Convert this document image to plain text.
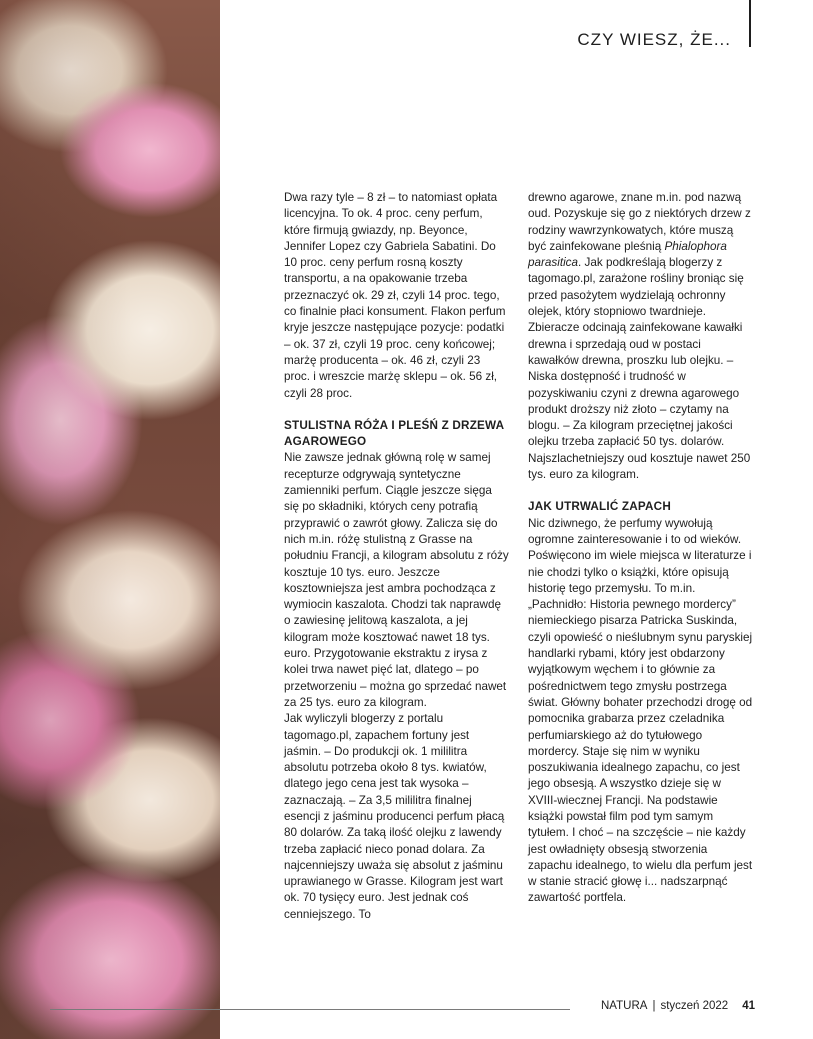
CZY WIESZ, ŻE...

Dwa razy tyle – 8 zł – to natomiast opłata licencyjna. To ok. 4 proc. ceny perfum, które firmują gwiazdy, np. Beyonce, Jennifer Lopez czy Gabriela Sabatini. Do 10 proc. ceny perfum rosną koszty transportu, a na opakowanie trzeba przeznaczyć ok. 29 zł, czyli 14 proc. tego, co finalnie płaci konsument. Flakon perfum kryje jeszcze następujące pozycje: podatki – ok. 37 zł, czyli 19 proc. ceny końcowej; marżę producenta – ok. 46 zł, czyli 23 proc. i wreszcie marżę sklepu – ok. 56 zł, czyli 28 proc.

STULISTNA RÓŻA I PLEŚŃ Z DRZEWA AGAROWEGO

Nie zawsze jednak główną rolę w samej recepturze odgrywają syntetyczne zamienniki perfum. Ciągle jeszcze sięga się po składniki, których ceny potrafią przyprawić o zawrót głowy. Zalicza się do nich m.in. różę stulistną z Grasse na południu Francji, a kilogram absolutu z róży kosztuje 10 tys. euro. Jeszcze kosztowniejsza jest ambra pochodząca z wymiocin kaszalota. Chodzi tak naprawdę o zawiesinę jelitową kaszalota, a jej kilogram może kosztować nawet 18 tys. euro. Przygotowanie ekstraktu z irysa z kolei trwa nawet pięć lat, dlatego – po przetworzeniu – można go sprzedać nawet za 25 tys. euro za kilogram.

Jak wyliczyli blogerzy z portalu tagomago.pl, zapachem fortuny jest jaśmin. – Do produkcji ok. 1 mililitra absolutu potrzeba około 8 tys. kwiatów, dlatego jego cena jest tak wysoka – zaznaczają. – Za 3,5 mililitra finalnej esencji z jaśminu producenci perfum płacą 80 dolarów. Za taką ilość olejku z lawendy trzeba zapłacić nieco ponad dolara. Za najcenniejszy uważa się absolut z jaśminu uprawianego w Grasse. Kilogram jest wart ok. 70 tysięcy euro. Jest jednak coś cenniejszego. To

drewno agarowe, znane m.in. pod nazwą oud. Pozyskuje się go z niektórych drzew z rodziny wawrzynkowatych, które muszą być zainfekowane pleśnią Phialophora parasitica. Jak podkreślają blogerzy z tagomago.pl, zarażone rośliny broniąc się przed pasożytem wydzielają ochronny olejek, który stopniowo twardnieje. Zbieracze odcinają zainfekowane kawałki drewna i sprzedają oud w postaci kawałków drewna, proszku lub olejku. – Niska dostępność i trudność w pozyskiwaniu czyni z drewna agarowego produkt droższy niż złoto – czytamy na blogu. – Za kilogram przeciętnej jakości olejku trzeba zapłacić 50 tys. dolarów. Najszlachetniejszy oud kosztuje nawet 250 tys. euro za kilogram.

JAK UTRWALIĆ ZAPACH

Nic dziwnego, że perfumy wywołują ogromne zainteresowanie i to od wieków. Poświęcono im wiele miejsca w literaturze i nie chodzi tylko o książki, które opisują historię tego przemysłu. To m.in. „Pachnidło: Historia pewnego mordercy” niemieckiego pisarza Patricka Suskinda, czyli opowieść o nieślubnym synu paryskiej handlarki rybami, który jest obdarzony wyjątkowym węchem i to głównie za pośrednictwem tego zmysłu postrzega świat. Główny bohater przechodzi drogę od pomocnika grabarza przez czeladnika perfumiarskiego aż do tytułowego mordercy. Staje się nim w wyniku poszukiwania idealnego zapachu, co jest jego obsesją. A wszystko dzieje się w XVIII-wiecznej Francji. Na podstawie książki powstał film pod tym samym tytułem. I choć – na szczęście – nie każdy jest owładnięty obsesją stworzenia zapachu idealnego, to wielu dla perfum jest w stanie stracić głowę i... nadszarpnąć zawartość portfela.

NATURA | styczeń 2022 41
